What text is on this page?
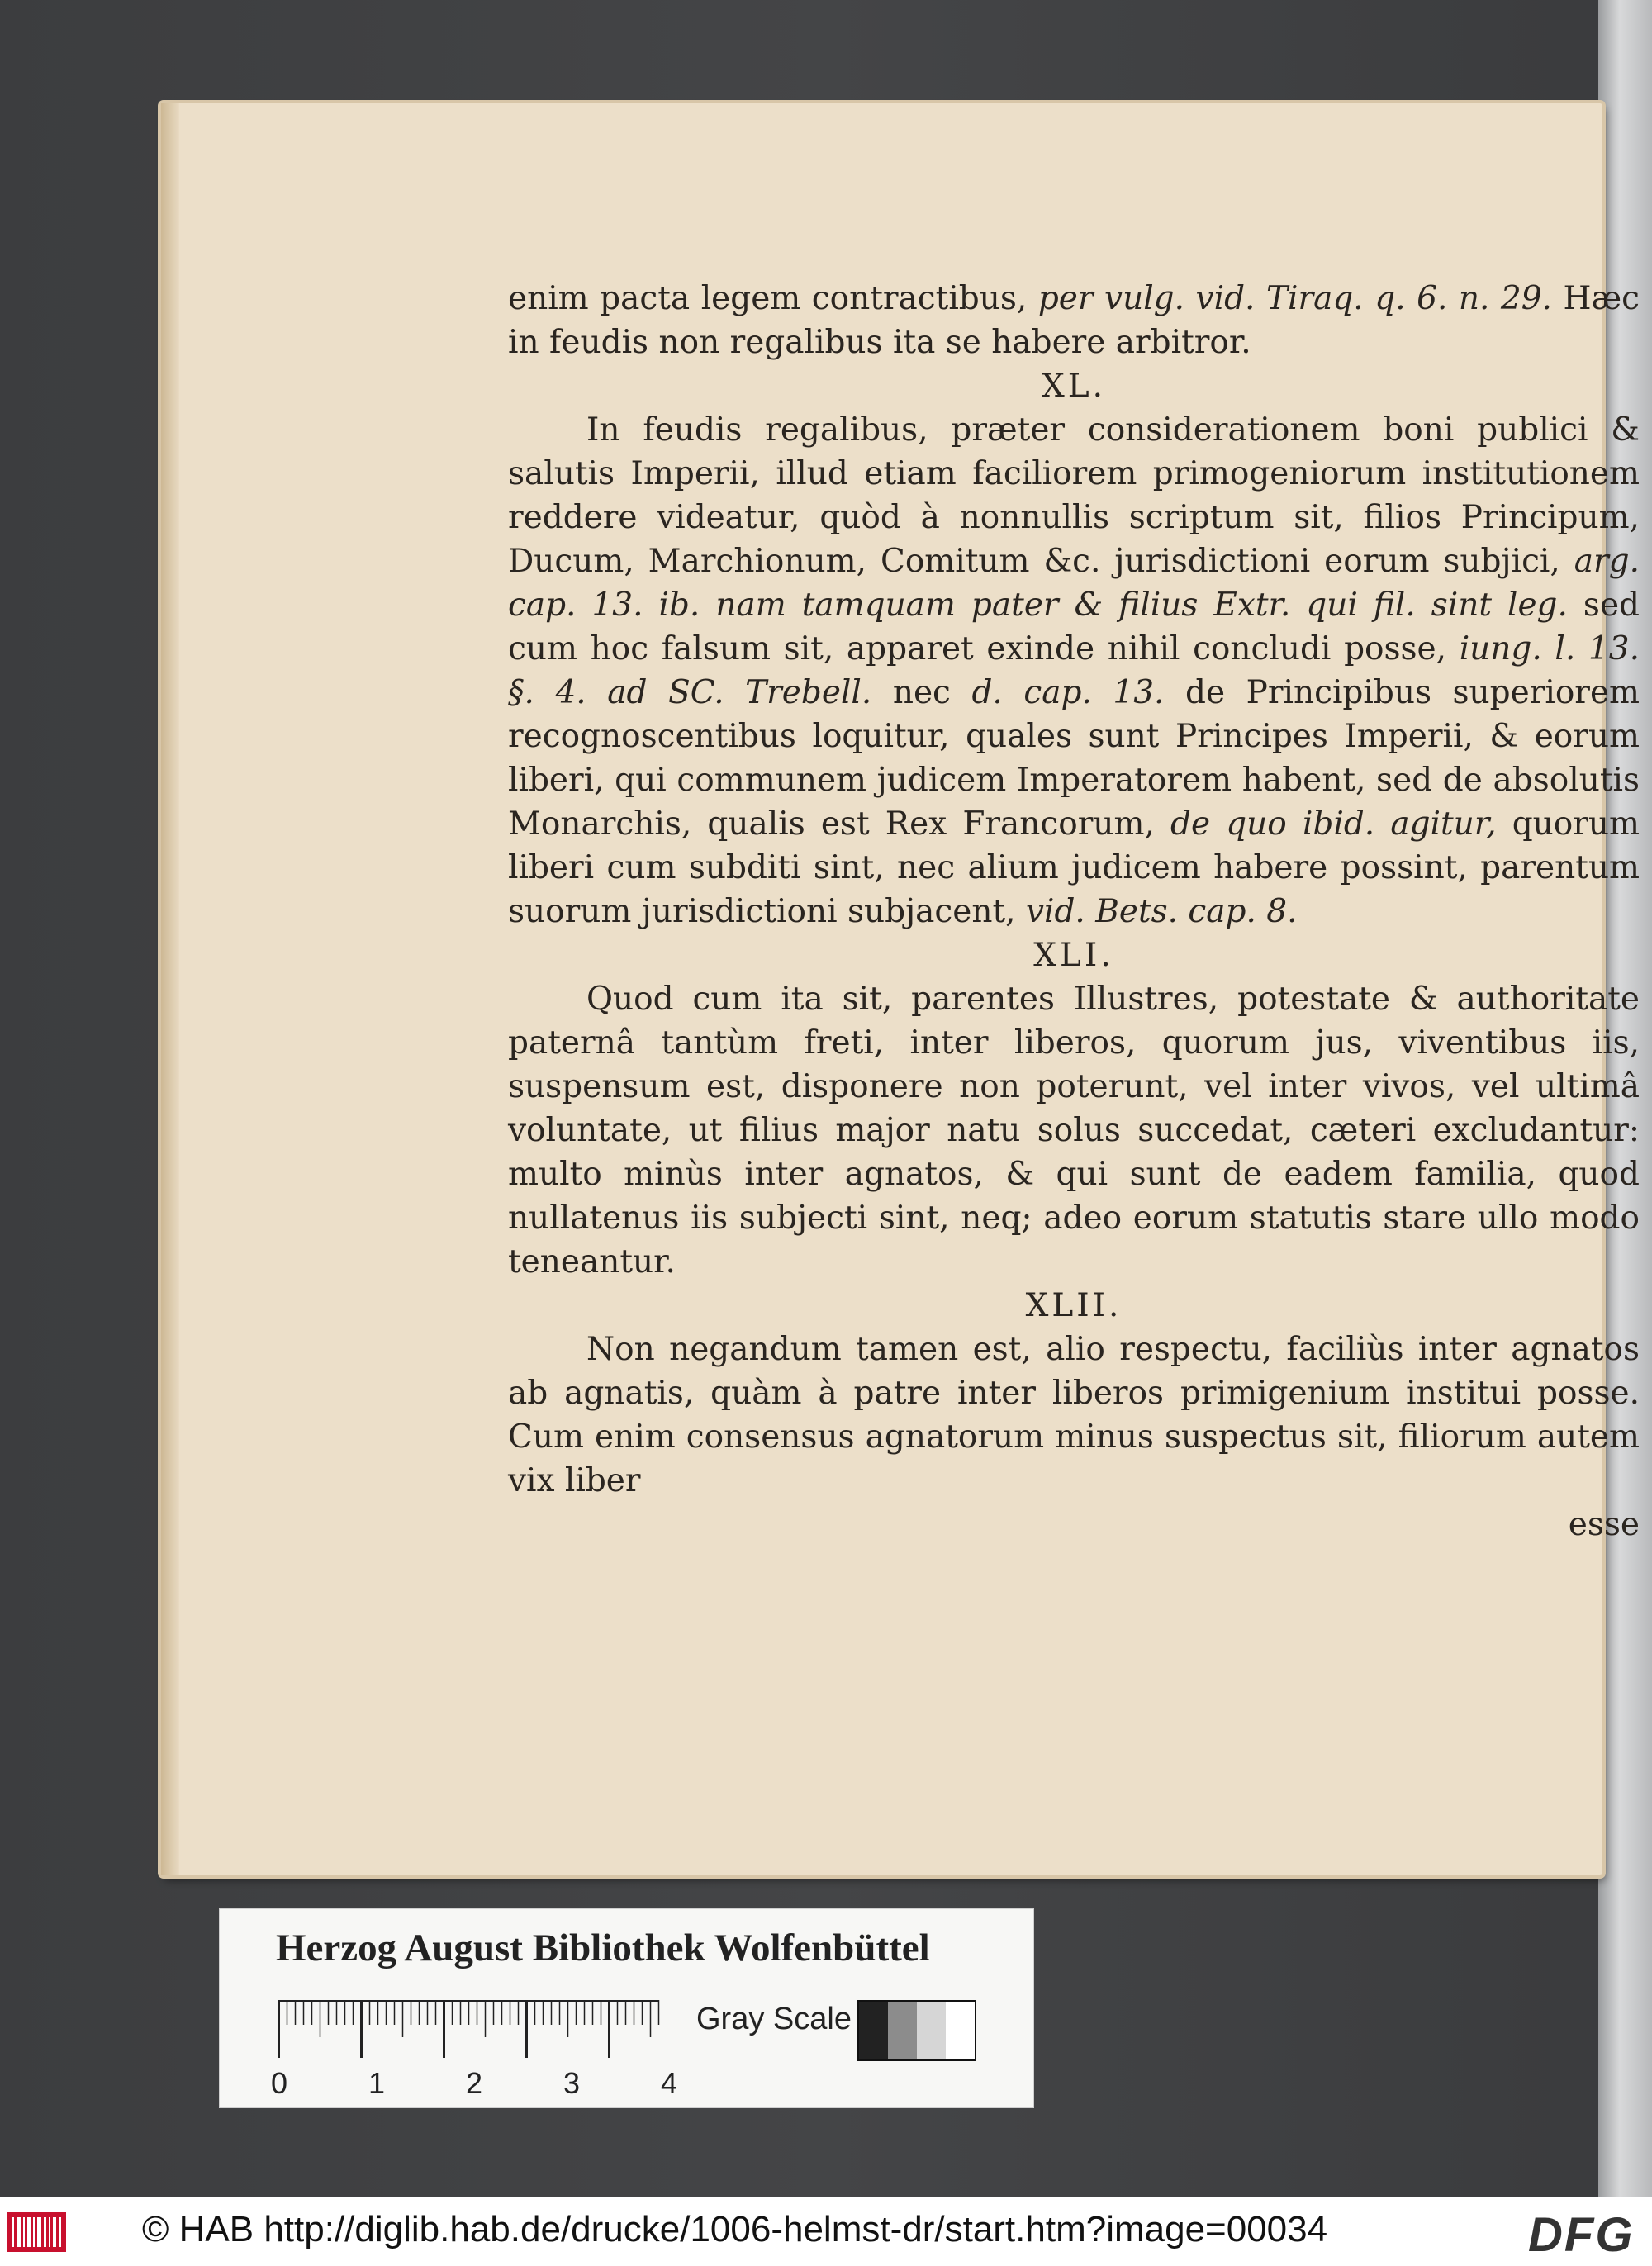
enim pacta legem contractibus, per vulg. vid. Tiraq. q. 6. n. 29. Hæc in feudis non regalibus ita se habere arbitror.

XL.

In feudis regalibus, præter considerationem boni publici & salutis Imperii, illud etiam faciliorem primogeniorum institutionem reddere videatur, quòd à nonnullis scriptum sit, filios Principum, Ducum, Marchionum, Comitum &c. jurisdictioni eorum subjici, arg. cap. 13. ib. nam tamquam pater & filius Extr. qui fil. sint leg. sed cum hoc falsum sit, apparet exinde nihil concludi posse, iung. l. 13. §. 4. ad SC. Trebell. nec d. cap. 13. de Principibus superiorem recognoscentibus loquitur, quales sunt Principes Imperii, & eorum liberi, qui communem judicem Imperatorem habent, sed de absolutis Monarchis, qualis est Rex Francorum, de quo ibid. agitur, quorum liberi cum subditi sint, nec alium judicem habere possint, parentum suorum jurisdictioni subjacent, vid. Bets. cap. 8.

XLI.

Quod cum ita sit, parentes Illustres, potestate & authoritate paternâ tantùm freti, inter liberos, quorum jus, viventibus iis, suspensum est, disponere non poterunt, vel inter vivos, vel ultimâ voluntate, ut filius major natu solus succedat, cæteri excludantur: multo minùs inter agnatos, & qui sunt de eadem familia, quod nullatenus iis subjecti sint, neq; adeo eorum statutis stare ullo modo teneantur.

XLII.

Non negandum tamen est, alio respectu, faciliùs inter agnatos ab agnatis, quàm à patre inter liberos primigenium institui posse. Cum enim consensus agnatorum minus suspectus sit, filiorum autem vix liber
esse

Herzog August Bibliothek Wolfenbüttel
0	1	2	3	4
Gray Scale
© HAB http://diglib.hab.de/drucke/1006-helmst-dr/start.htm?image=00034	DFG
